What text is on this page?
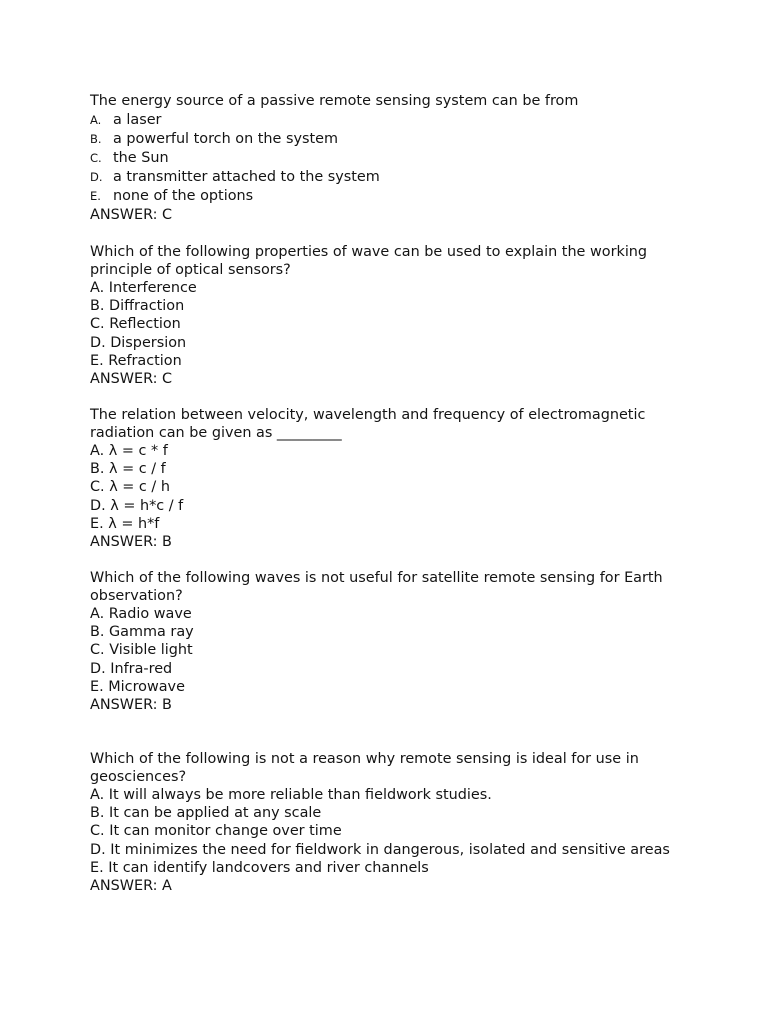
The energy source of a passive remote sensing system can be from

A. a laser
B. a powerful torch on the system
C. the Sun
D. a transmitter attached to the system
E. none of the options

ANSWER: C

Which of the following properties of wave can be used to explain the working principle of optical sensors?

A. Interference
B. Diffraction
C. Reflection
D. Dispersion
E. Refraction

ANSWER: C

The relation between velocity, wavelength and frequency of electromagnetic radiation can be given as _________

A. λ = c * f
B. λ = c / f
C. λ = c / h
D. λ = h*c / f
E. λ = h*f

ANSWER: B

Which of the following waves is not useful for satellite remote sensing for Earth observation?

A. Radio wave
B. Gamma ray
C. Visible light
D. Infra-red
E. Microwave

ANSWER: B

Which of the following is not a reason why remote sensing is ideal for use in geosciences?

A. It will always be more reliable than fieldwork studies.
B. It can be applied at any scale
C. It can monitor change over time
D. It minimizes the need for fieldwork in dangerous, isolated and sensitive areas
E. It can identify landcovers and river channels

ANSWER: A
